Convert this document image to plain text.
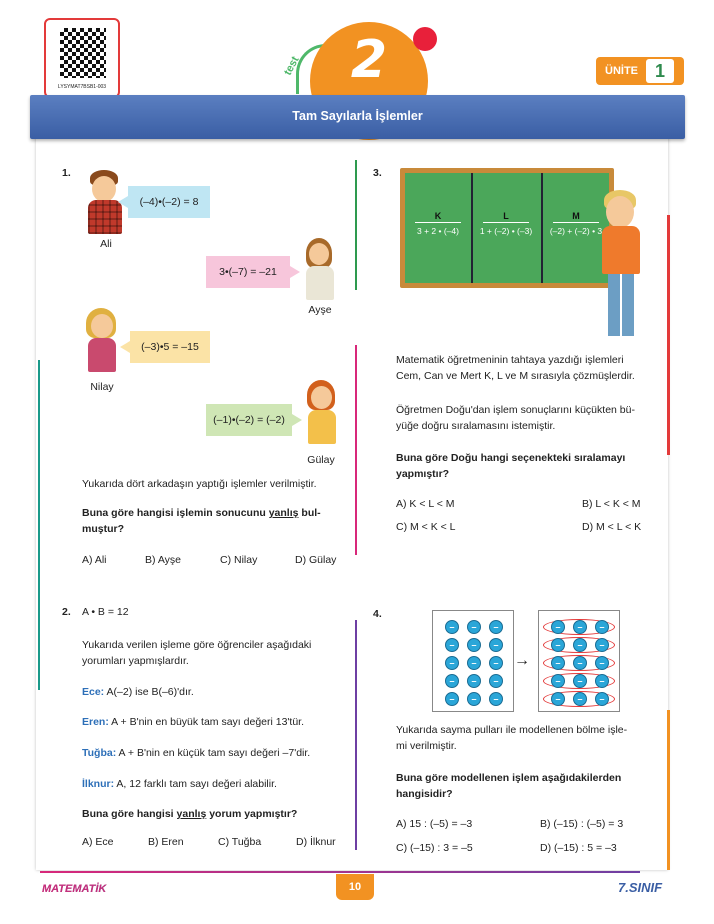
LYSYMAT7BSB1-003
test 2	ÜNİTE 1
Tam Sayılarla İşlemler
1.
Ali
(–4)•(–2) = 8
3•(–7) = –21
Ayşe
Nilay
(–3)•5 = –15
(–1)•(–2) = (–2)
Gülay
Yukarıda dört arkadaşın yaptığı işlemler verilmiştir.
Buna göre hangisi işlemin sonucunu yanlış bul-
muştur?
A) Ali	B) Ayşe	C) Nilay	D) Gülay
2. A • B = 12
Yukarıda verilen işleme göre öğrenciler aşağıdaki
yorumları yapmışlardır.
Ece: A(–2) ise B(–6)'dır.
Eren: A + B'nin en büyük tam sayı değeri 13'tür.
Tuğba: A + B'nin en küçük tam sayı değeri –7'dir.
İlknur: A, 12 farklı tam sayı değeri alabilir.
Buna göre hangisi yanlış yorum yapmıştır?
A) Ece	B) Eren	C) Tuğba	D) İlknur
3.
K
3 + 2 • (–4)
L
1 + (–2) • (–3)
M
(–2) + (–2) • 3
Matematik öğretmeninin tahtaya yazdığı işlemleri
Cem, Can ve Mert K, L ve M sırasıyla çözmüşlerdir.
Öğretmen Doğu'dan işlem sonuçlarını küçükten bü-
yüğe doğru sıralamasını istemiştir.
Buna göre Doğu hangi seçenekteki sıralamayı
yapmıştır?
A) K < L < M	B) L < K < M
C) M < K < L	D) M < L < K
4.
–	–	–
–	–	–
–	–	–
–	–	–
–	–	–
→
–	–	–
–	–	–
–	–	–
–	–	–
–	–	–
Yukarıda sayma pulları ile modellenen bölme işle-
mi verilmiştir.
Buna göre modellenen işlem aşağıdakilerden
hangisidir?
A) 15 : (–5) = –3	B) (–15) : (–5) = 3
C) (–15) : 3 = –5	D) (–15) : 5 = –3
MATEMATİK	10	7.SINIF
